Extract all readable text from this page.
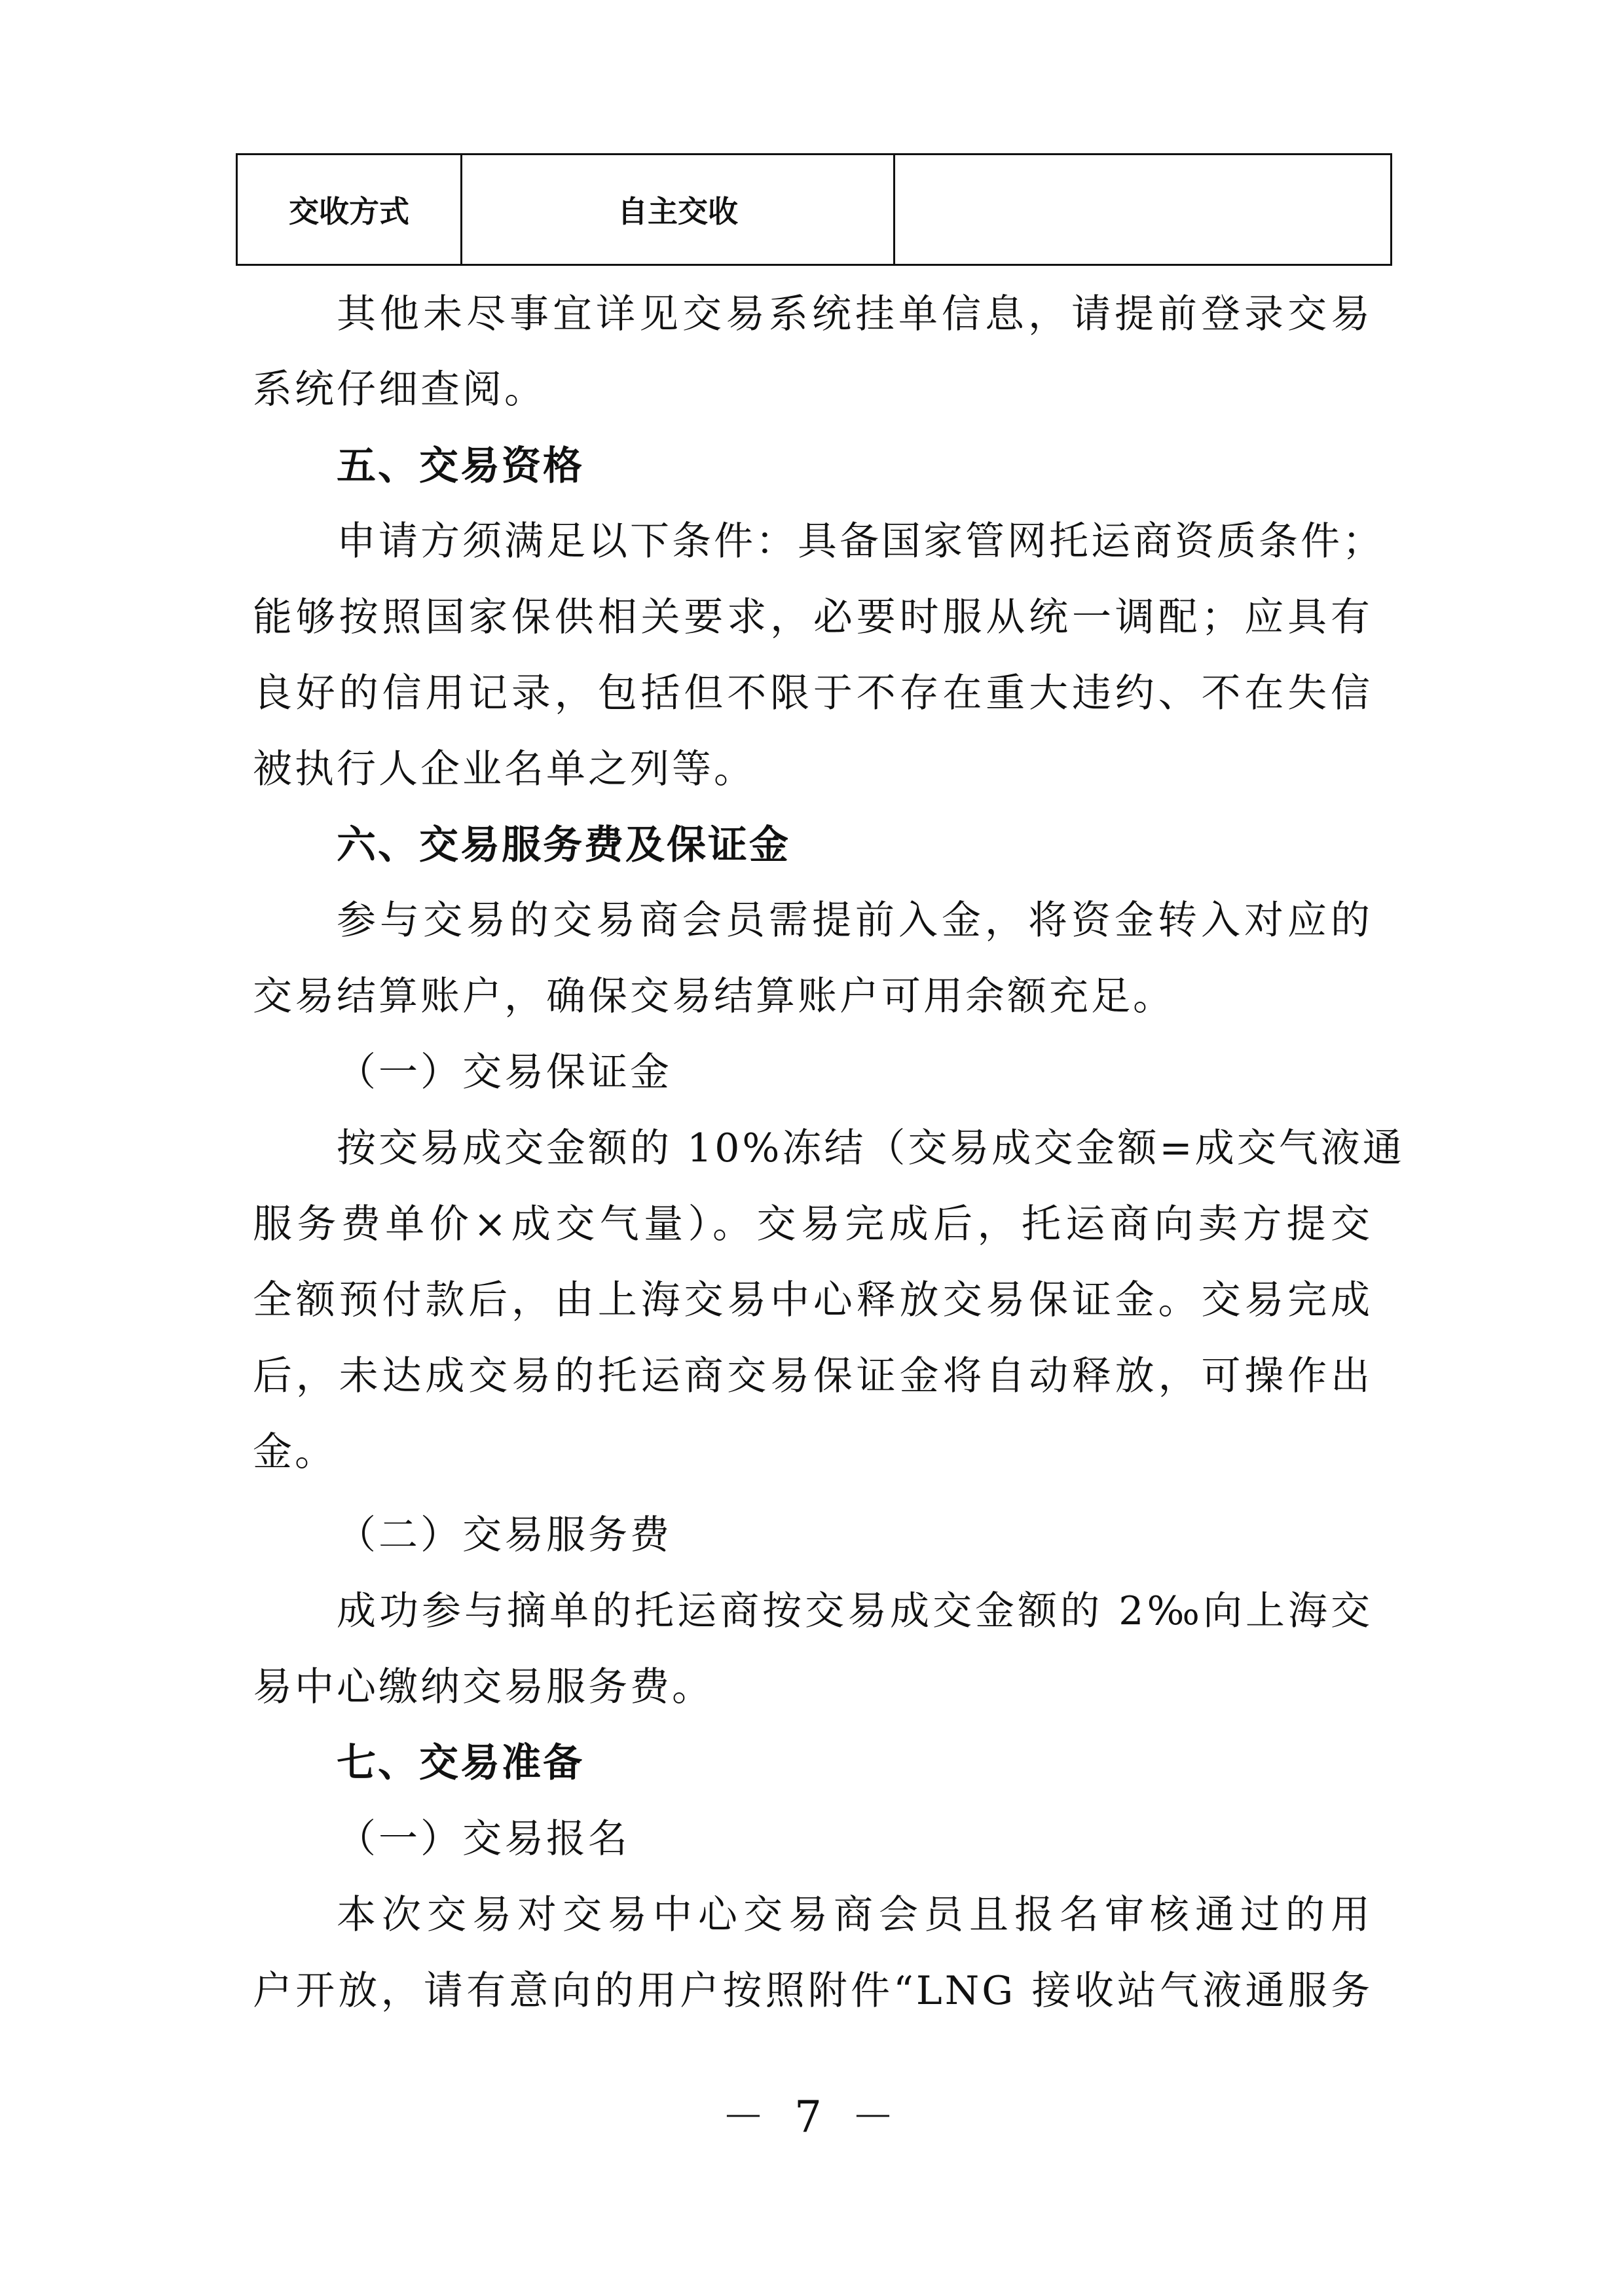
交收方式	自主交收	
其他未尽事宜详见交易系统挂单信息，请提前登录交易
系统仔细查阅。
五、交易资格
申请方须满足以下条件：具备国家管网托运商资质条件；
能够按照国家保供相关要求，必要时服从统一调配；应具有
良好的信用记录，包括但不限于不存在重大违约、不在失信
被执行人企业名单之列等。
六、交易服务费及保证金
参与交易的交易商会员需提前入金，将资金转入对应的
交易结算账户，确保交易结算账户可用余额充足。
（一）交易保证金
按交易成交金额的 10%冻结（交易成交金额=成交气液通
服务费单价×成交气量）。交易完成后，托运商向卖方提交
全额预付款后，由上海交易中心释放交易保证金。交易完成
后，未达成交易的托运商交易保证金将自动释放，可操作出
金。
（二）交易服务费
成功参与摘单的托运商按交易成交金额的 2‰向上海交
易中心缴纳交易服务费。
七、交易准备
（一）交易报名
本次交易对交易中心交易商会员且报名审核通过的用
户开放，请有意向的用户按照附件“LNG 接收站气液通服务
－ 7 －
